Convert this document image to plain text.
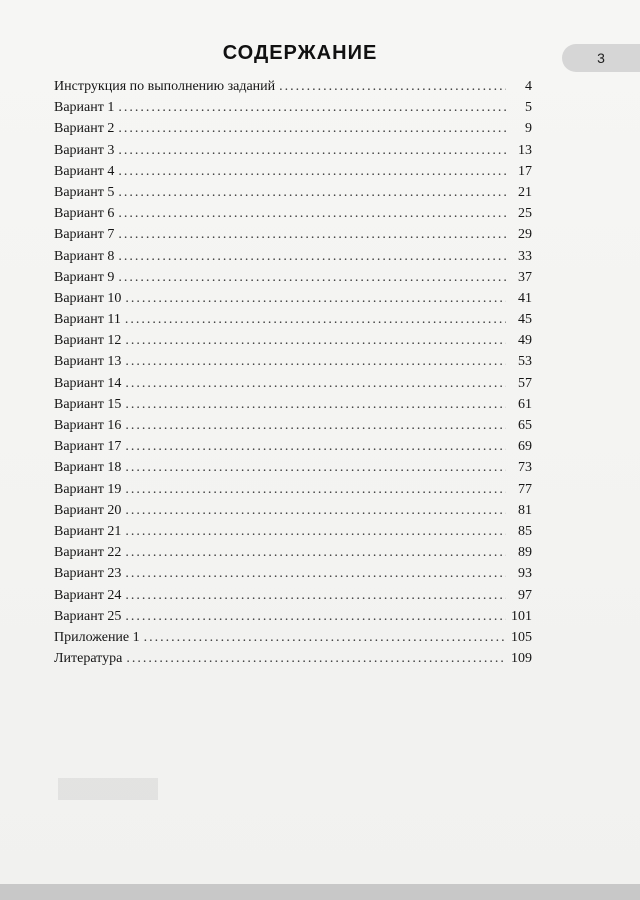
3
СОДЕРЖАНИЕ
Инструкция по выполнению заданий .....	4
Вариант 1 .....	5
Вариант 2 .....	9
Вариант 3 .....	13
Вариант 4 .....	17
Вариант 5 .....	21
Вариант 6 .....	25
Вариант 7 .....	29
Вариант 8 .....	33
Вариант 9 .....	37
Вариант 10 .....	41
Вариант 11 .....	45
Вариант 12 .....	49
Вариант 13 .....	53
Вариант 14 .....	57
Вариант 15 .....	61
Вариант 16 .....	65
Вариант 17 .....	69
Вариант 18 .....	73
Вариант 19 .....	77
Вариант 20 .....	81
Вариант 21 .....	85
Вариант 22 .....	89
Вариант 23 .....	93
Вариант 24 .....	97
Вариант 25 .....	101
Приложение 1 .....	105
Литература .....	109
